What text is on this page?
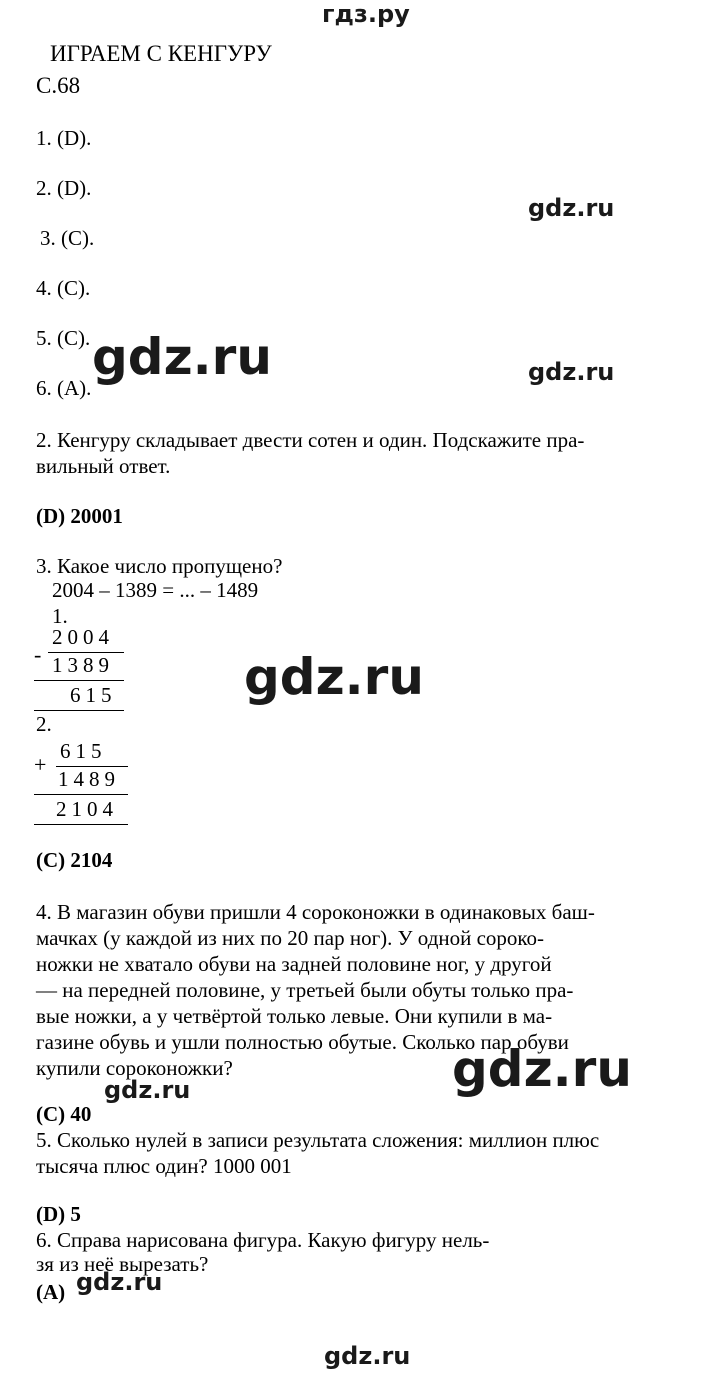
гдз.ру
ИГРАЕМ С КЕНГУРУ
С.68
1. (D).
2. (D).
3. (C).
4. (C).
5. (C).
6. (A).
gdz.ru
gdz.ru	gdz.ru
2. Кенгуру складывает двести сотен и один. Подскажите пра-
вильный ответ.
(D) 20001
3. Какое число пропущено?
2004 – 1389 = ... – 1489
1.
-
2004
1389
615
2.
+
615
1489
2104
gdz.ru
(C) 2104
4. В магазин обуви пришли 4 сороконожки в одинаковых баш-
мачках (у каждой из них по 20 пар ног). У одной сороко-
ножки не хватало обуви на задней половине ног, у другой
— на передней половине, у третьей были обуты только пра-
вые ножки, а у четвёртой только левые. Они купили в ма-
газине обувь и ушли полностью обутые. Сколько пар обуви
купили сороконожки?	gdz.ru
gdz.ru
(C) 40
5. Сколько нулей в записи результата сложения: миллион плюс
тысяча плюс один? 1000 001
(D) 5
6. Справа нарисована фигура. Какую фигуру нель-
зя из неё вырезать?
(A) gdz.ru
gdz.ru
